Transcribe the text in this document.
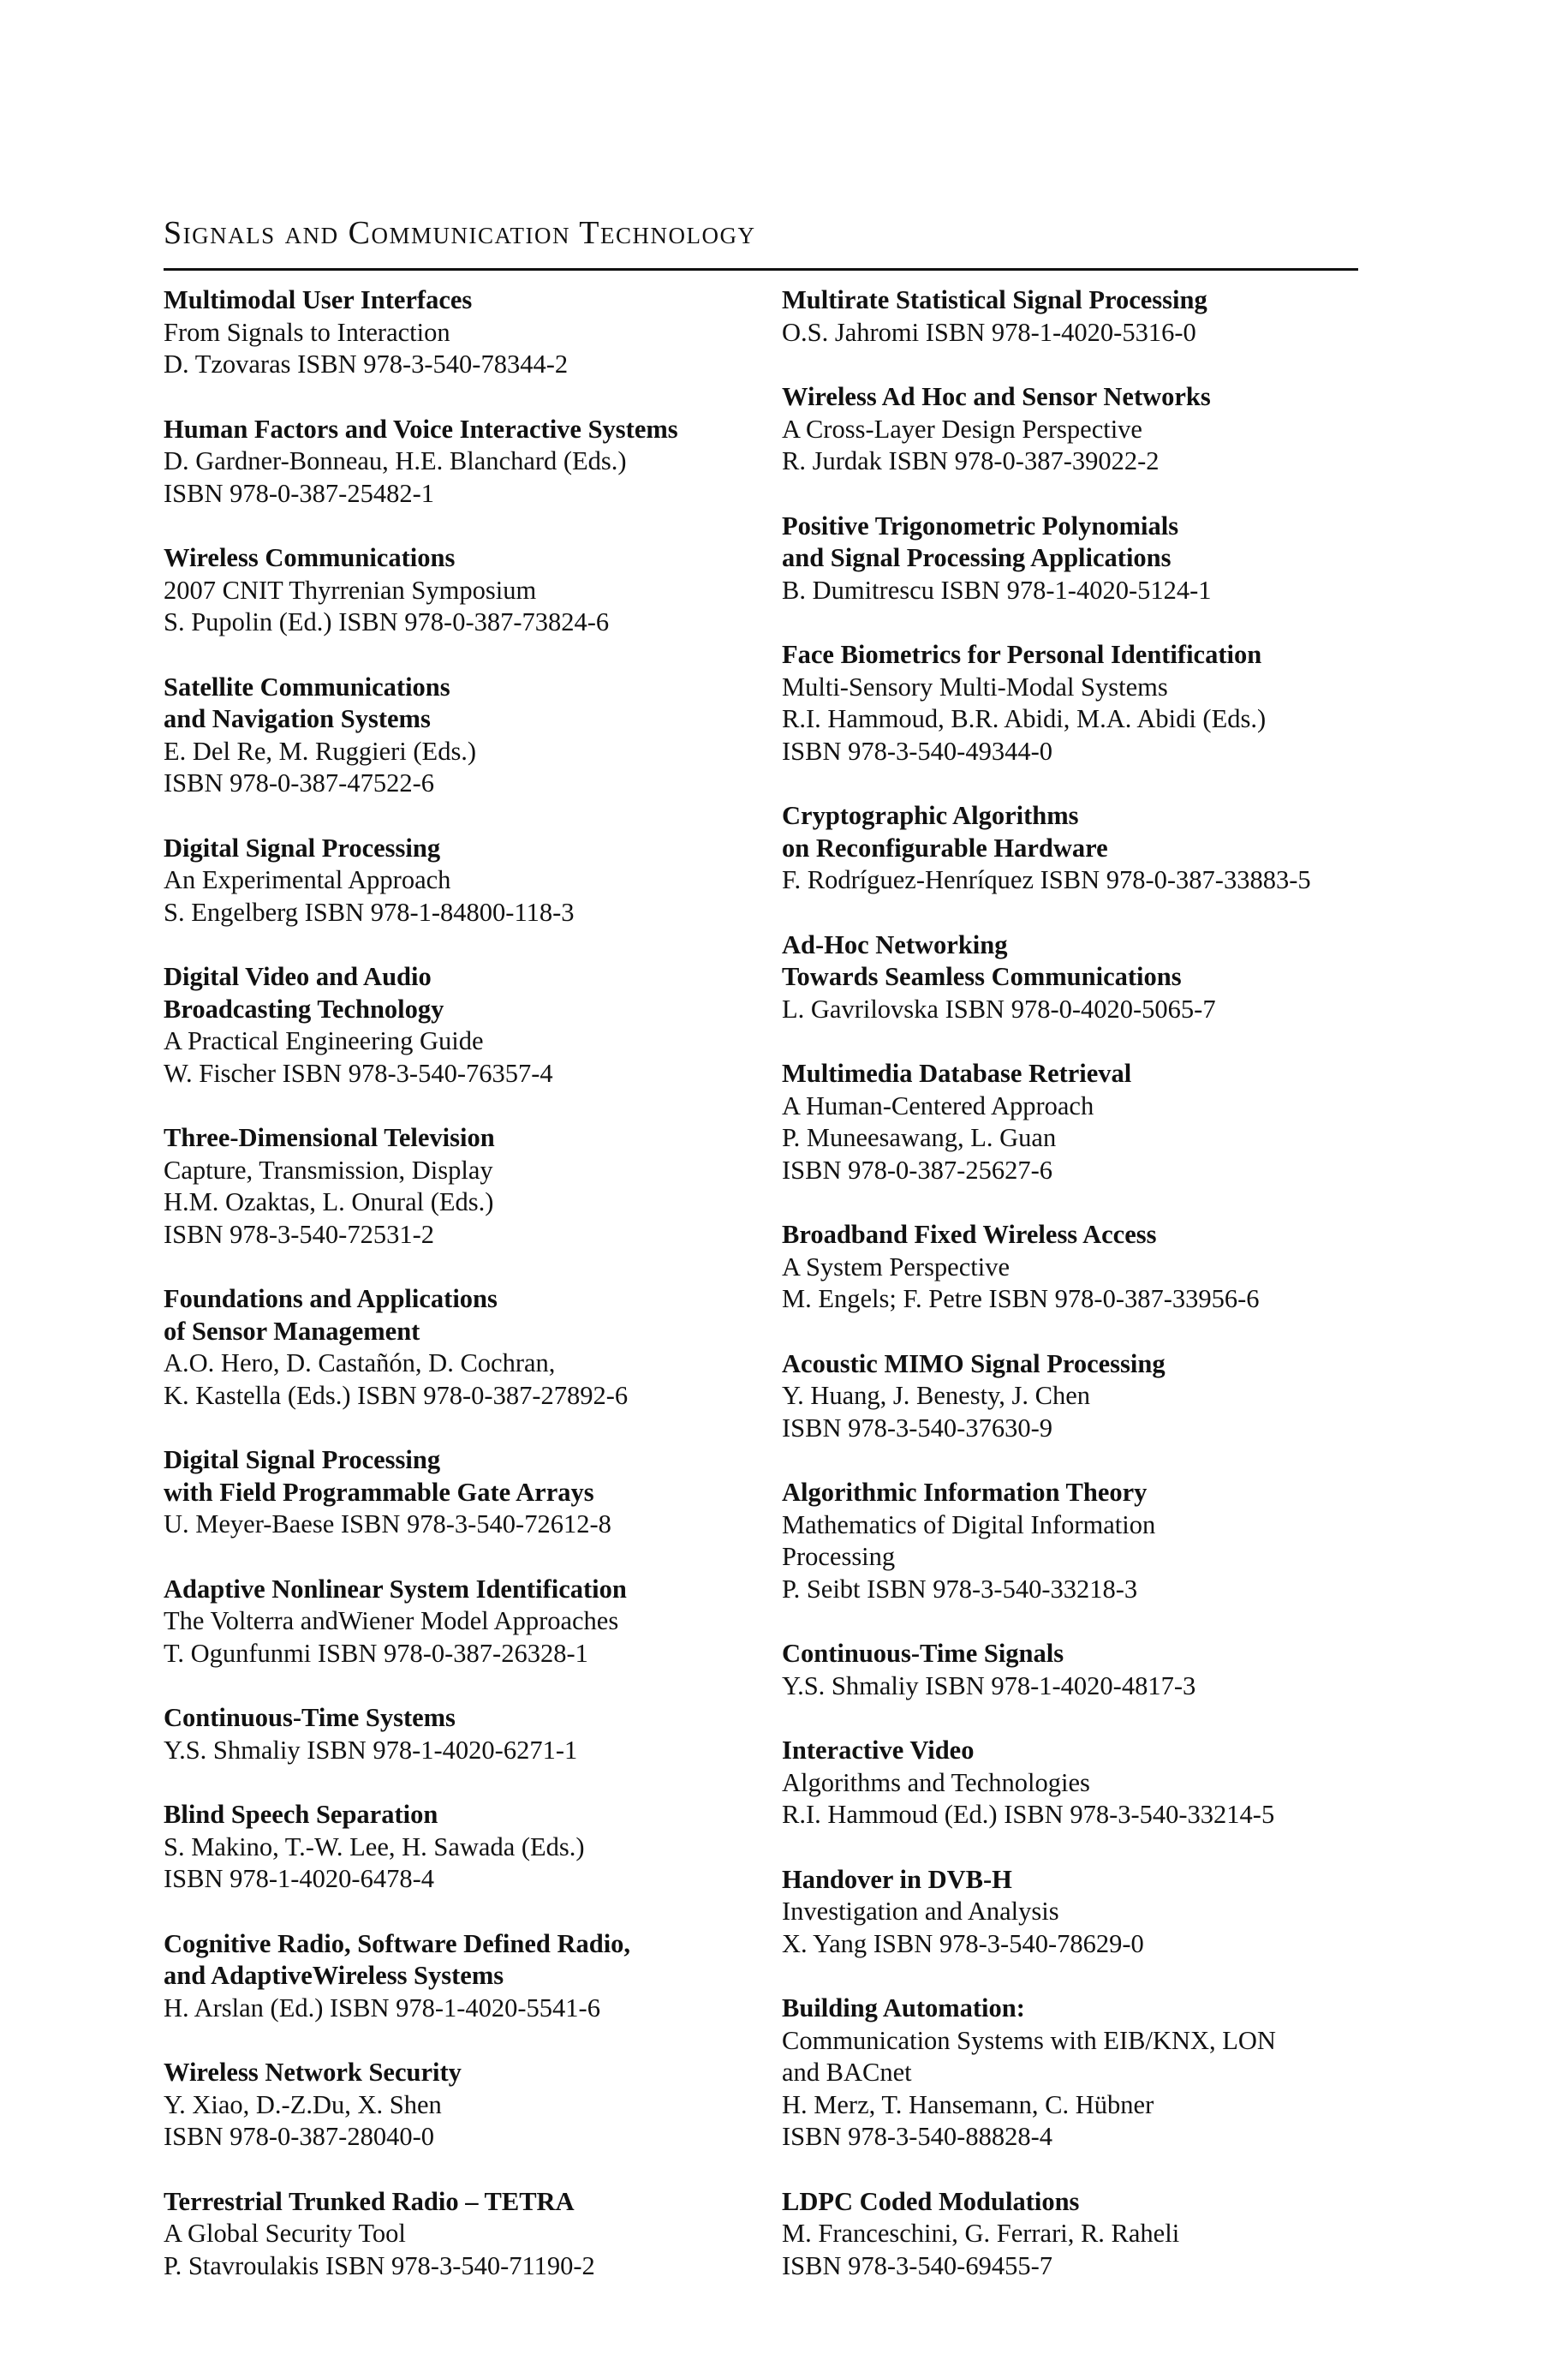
Signals and Communication Technology
Multimodal User Interfaces
From Signals to Interaction
D. Tzovaras ISBN 978-3-540-78344-2
Human Factors and Voice Interactive Systems
D. Gardner-Bonneau, H.E. Blanchard (Eds.)
ISBN 978-0-387-25482-1
Wireless Communications
2007 CNIT Thyrrenian Symposium
S. Pupolin (Ed.) ISBN 978-0-387-73824-6
Satellite Communications
and Navigation Systems
E. Del Re, M. Ruggieri (Eds.)
ISBN 978-0-387-47522-6
Digital Signal Processing
An Experimental Approach
S. Engelberg ISBN 978-1-84800-118-3
Digital Video and Audio
Broadcasting Technology
A Practical Engineering Guide
W. Fischer ISBN 978-3-540-76357-4
Three-Dimensional Television
Capture, Transmission, Display
H.M. Ozaktas, L. Onural (Eds.)
ISBN 978-3-540-72531-2
Foundations and Applications
of Sensor Management
A.O. Hero, D. Castañón, D. Cochran,
K. Kastella (Eds.) ISBN 978-0-387-27892-6
Digital Signal Processing
with Field Programmable Gate Arrays
U. Meyer-Baese ISBN 978-3-540-72612-8
Adaptive Nonlinear System Identification
The Volterra andWiener Model Approaches
T. Ogunfunmi ISBN 978-0-387-26328-1
Continuous-Time Systems
Y.S. Shmaliy ISBN 978-1-4020-6271-1
Blind Speech Separation
S. Makino, T.-W. Lee, H. Sawada (Eds.)
ISBN 978-1-4020-6478-4
Cognitive Radio, Software Defined Radio,
and AdaptiveWireless Systems
H. Arslan (Ed.) ISBN 978-1-4020-5541-6
Wireless Network Security
Y. Xiao, D.-Z.Du, X. Shen
ISBN 978-0-387-28040-0
Terrestrial Trunked Radio – TETRA
A Global Security Tool
P. Stavroulakis ISBN 978-3-540-71190-2
Multirate Statistical Signal Processing
O.S. Jahromi ISBN 978-1-4020-5316-0
Wireless Ad Hoc and Sensor Networks
A Cross-Layer Design Perspective
R. Jurdak ISBN 978-0-387-39022-2
Positive Trigonometric Polynomials
and Signal Processing Applications
B. Dumitrescu ISBN 978-1-4020-5124-1
Face Biometrics for Personal Identification
Multi-Sensory Multi-Modal Systems
R.I. Hammoud, B.R. Abidi, M.A. Abidi (Eds.)
ISBN 978-3-540-49344-0
Cryptographic Algorithms
on Reconfigurable Hardware
F. Rodríguez-Henríquez ISBN 978-0-387-33883-5
Ad-Hoc Networking
Towards Seamless Communications
L. Gavrilovska ISBN 978-0-4020-5065-7
Multimedia Database Retrieval
A Human-Centered Approach
P. Muneesawang, L. Guan
ISBN 978-0-387-25627-6
Broadband Fixed Wireless Access
A System Perspective
M. Engels; F. Petre ISBN 978-0-387-33956-6
Acoustic MIMO Signal Processing
Y. Huang, J. Benesty, J. Chen
ISBN 978-3-540-37630-9
Algorithmic Information Theory
Mathematics of Digital Information
Processing
P. Seibt ISBN 978-3-540-33218-3
Continuous-Time Signals
Y.S. Shmaliy ISBN 978-1-4020-4817-3
Interactive Video
Algorithms and Technologies
R.I. Hammoud (Ed.) ISBN 978-3-540-33214-5
Handover in DVB-H
Investigation and Analysis
X. Yang ISBN 978-3-540-78629-0
Building Automation:
Communication Systems with EIB/KNX, LON
and BACnet
H. Merz, T. Hansemann, C. Hübner
ISBN 978-3-540-88828-4
LDPC Coded Modulations
M. Franceschini, G. Ferrari, R. Raheli
ISBN 978-3-540-69455-7
